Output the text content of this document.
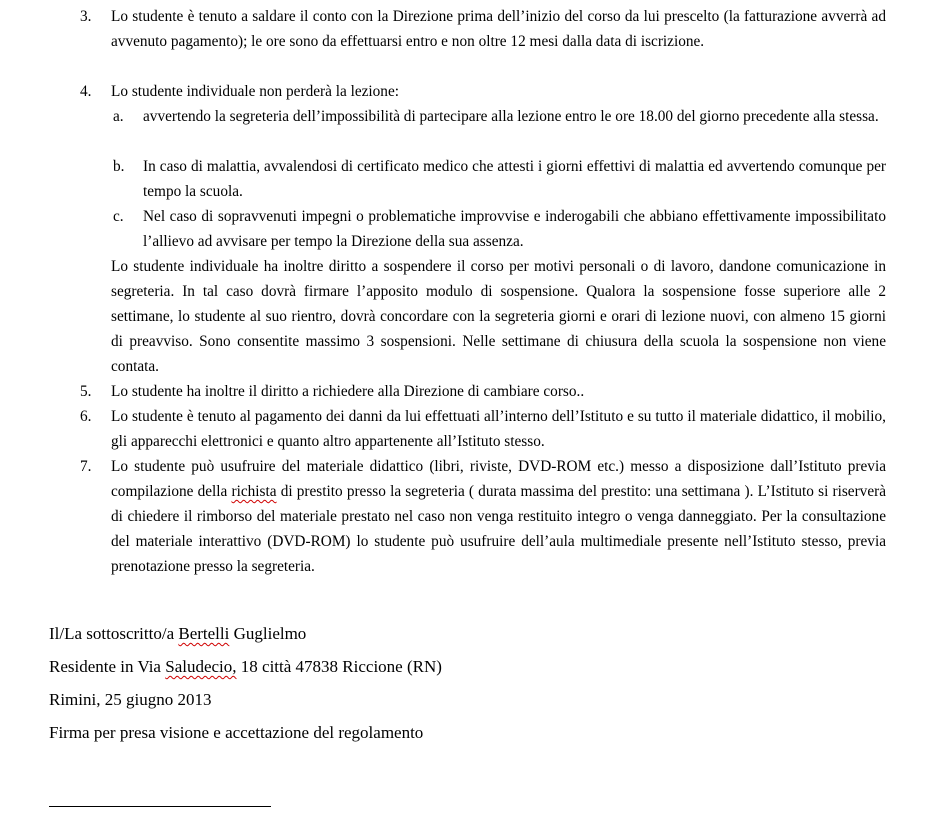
3. Lo studente è tenuto a saldare il conto con la Direzione prima dell’inizio del corso da lui prescelto (la fatturazione avverrà ad avvenuto pagamento); le ore sono da effettuarsi entro e non oltre 12 mesi dalla data di iscrizione.
4. Lo studente individuale non perderà la lezione:
a. avvertendo la segreteria dell’impossibilità di partecipare alla lezione entro le ore 18.00 del giorno precedente alla stessa.
b. In caso di malattia, avvalendosi di certificato medico che attesti i giorni effettivi di malattia ed avvertendo comunque per tempo la scuola.
c. Nel caso di sopravvenuti impegni o problematiche improvvise e inderogabili che abbiano effettivamente impossibilitato l’allievo ad avvisare per tempo la Direzione della sua assenza.
Lo studente individuale ha inoltre diritto a sospendere il corso per motivi personali o di lavoro, dandone comunicazione in segreteria. In tal caso dovrà firmare l’apposito modulo di sospensione. Qualora la sospensione fosse superiore alle 2 settimane, lo studente al suo rientro, dovrà concordare con la segreteria giorni e orari di lezione nuovi, con almeno 15 giorni di preavviso. Sono consentite massimo 3 sospensioni. Nelle settimane di chiusura della scuola la sospensione non viene contata.
5. Lo studente ha inoltre il diritto a richiedere alla Direzione di cambiare corso..
6. Lo studente è tenuto al pagamento dei danni da lui effettuati all’interno dell’Istituto e su tutto il materiale didattico, il mobilio, gli apparecchi elettronici e quanto altro appartenente all’Istituto stesso.
7. Lo studente può usufruire del materiale didattico (libri, riviste, DVD-ROM etc.) messo a disposizione dall’Istituto previa compilazione della richista di prestito presso la segreteria ( durata massima del prestito: una settimana ). L’Istituto si riserverà di chiedere il rimborso del materiale prestato nel caso non venga restituito integro o venga danneggiato. Per la consultazione del materiale interattivo (DVD-ROM) lo studente può usufruire dell’aula multimediale presente nell’Istituto stesso, previa prenotazione presso la segreteria.
Il/La sottoscritto/a Bertelli Guglielmo
Residente in Via Saludecio, 18 città 47838 Riccione (RN)
Rimini, 25 giugno 2013
Firma per presa visione e accettazione del regolamento
